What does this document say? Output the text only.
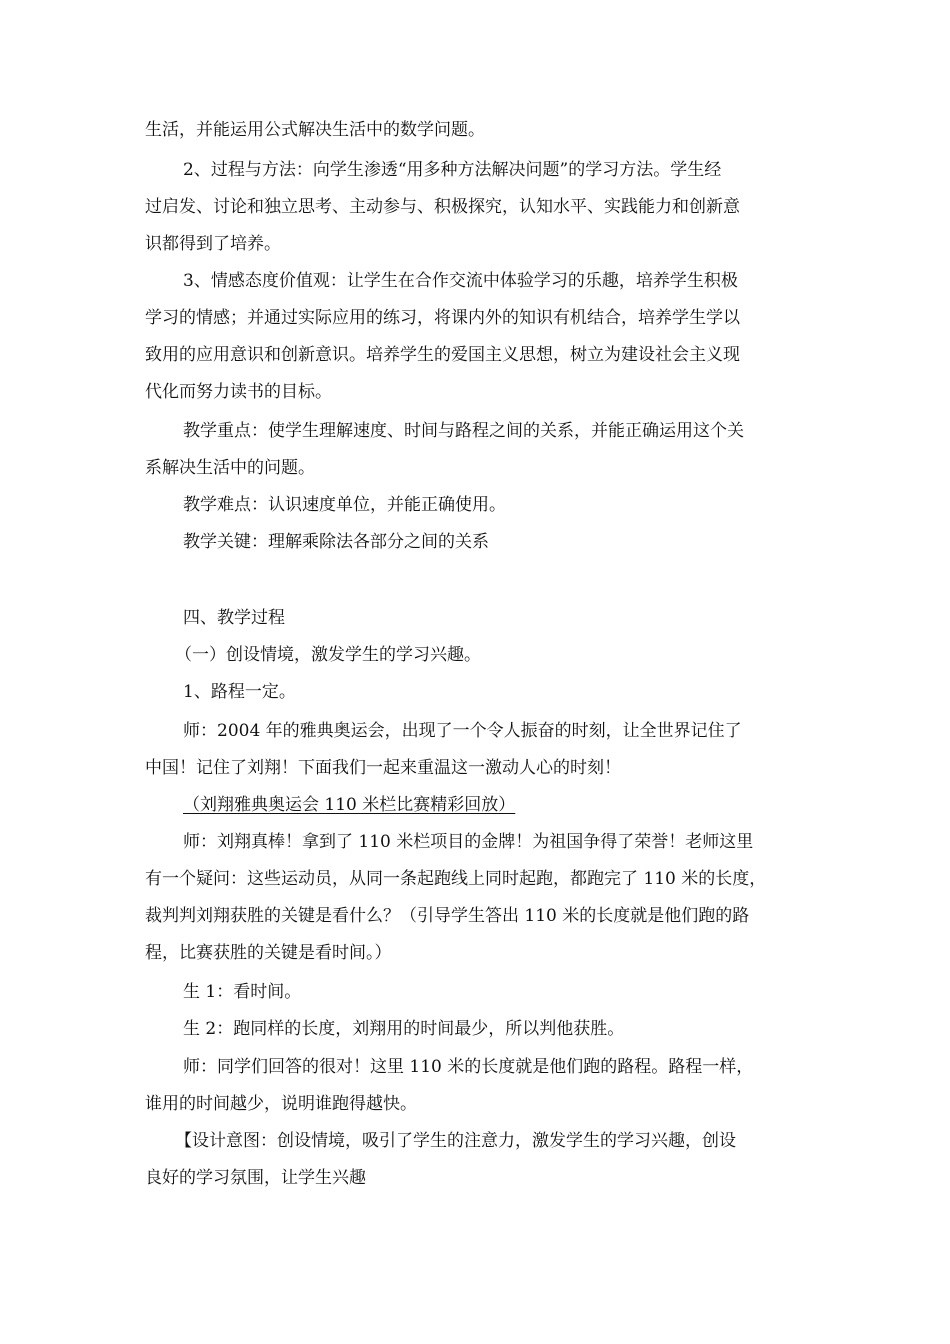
生活，并能运用公式解决生活中的数学问题。
2、过程与方法：向学生渗透“用多种方法解决问题”的学习方法。学生经
过启发、讨论和独立思考、主动参与、积极探究，认知水平、实践能力和创新意
识都得到了培养。
3、情感态度价值观：让学生在合作交流中体验学习的乐趣，培养学生积极
学习的情感；并通过实际应用的练习，将课内外的知识有机结合，培养学生学以
致用的应用意识和创新意识。培养学生的爱国主义思想，树立为建设社会主义现
代化而努力读书的目标。
教学重点：使学生理解速度、时间与路程之间的关系，并能正确运用这个关
系解决生活中的问题。
教学难点：认识速度单位，并能正确使用。
教学关键：理解乘除法各部分之间的关系
四、教学过程
（一）创设情境，激发学生的学习兴趣。
1、路程一定。
师：2004 年的雅典奥运会，出现了一个令人振奋的时刻，让全世界记住了
中国！记住了刘翔！下面我们一起来重温这一激动人心的时刻！
（刘翔雅典奥运会 110 米栏比赛精彩回放）
师：刘翔真棒！拿到了 110 米栏项目的金牌！为祖国争得了荣誉！老师这里
有一个疑问：这些运动员，从同一条起跑线上同时起跑，都跑完了 110 米的长度，
裁判判刘翔获胜的关键是看什么？（引导学生答出 110 米的长度就是他们跑的路
程，比赛获胜的关键是看时间。）
生 1：看时间。
生 2：跑同样的长度，刘翔用的时间最少，所以判他获胜。
师：同学们回答的很对！这里 110 米的长度就是他们跑的路程。路程一样，
谁用的时间越少，说明谁跑得越快。
【设计意图：创设情境，吸引了学生的注意力，激发学生的学习兴趣，创设
良好的学习氛围，让学生兴趣
